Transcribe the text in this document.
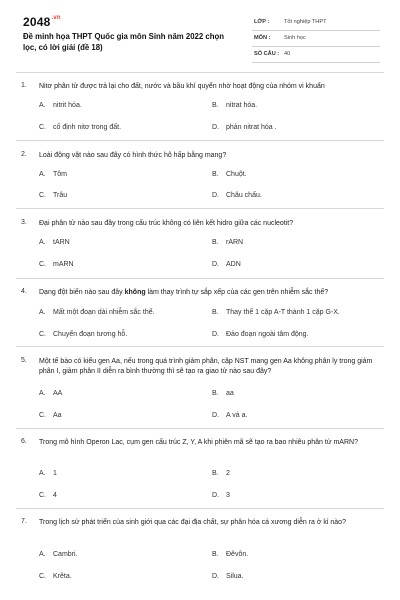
$2048^{.vn}$
Đề minh họa THPT Quốc gia môn Sinh năm 2022 chọn lọc, có lời giải (đề 18)
LỚP :	Tốt nghiệp THPT
MÔN : Sinh học
SỐ CÂU : 40
1. Nitơ phân tử được trả lại cho đất, nước và bầu khí quyển nhờ hoạt động của nhóm vi khuẩn
A. nitrit hóa.	B. nitrat hóa.
C. cố định nitơ trong đất.	D. phản nitrat hóa .
2. Loài động vật nào sau đây có hình thức hô hấp bằng mang?
A. Tôm	B. Chuột.
C. Trâu	D. Châu chấu.
3. Đại phân tử nào sau đây trong cấu trúc không có liên kết hidro giữa các nucleotit?
A. tARN	B. rARN
C. mARN	D. ADN
4. Dạng đột biến nào sau đây không làm thay trình tự sắp xếp của các gen trên nhiễm sắc thể?
A. Mất một đoạn dài nhiễm sắc thể.	B. Thay thế 1 cặp A-T thành 1 cặp G-X.
C. Chuyển đoạn tương hỗ.	D. Đảo đoạn ngoài tâm động.
5. Một tế bào có kiểu gen Aa, nếu trong quá trình giảm phân, cặp NST mang gen Aa không phân ly trong giảm phân I, giảm phân II diễn ra bình thường thì sẽ tạo ra giao tử nào sau đây?
A. AA	B. aa
C. Aa	D. A và a.
6. Trong mô hình Operon Lac, cụm gen cấu trúc Z, Y, A khi phiên mã sẽ tạo ra bao nhiêu phân tử mARN?
A. 1	B. 2
C. 4	D. 3
7. Trong lịch sử phát triển của sinh giới qua các đại địa chất, sự phân hóa cá xương diễn ra ở kỉ nào?
A. Cambri.	B. Đêvôn.
C. Krêta.	D. Silua.
